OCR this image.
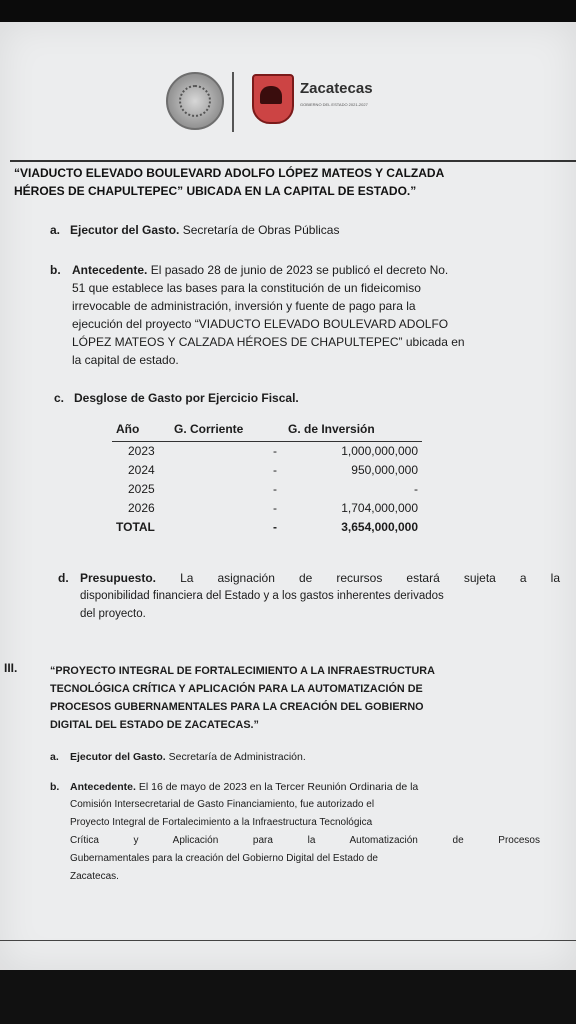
Zacatecas
GOBIERNO DEL ESTADO 2021-2027
“VIADUCTO ELEVADO BOULEVARD ADOLFO LÓPEZ MATEOS Y CALZADA
HÉROES DE CHAPULTEPEC” UBICADA EN LA CAPITAL DE ESTADO.”
a. Ejecutor del Gasto. Secretaría de Obras Públicas
b. Antecedente. El pasado 28 de junio de 2023 se publicó el decreto No.
51 que establece las bases para la constitución de un fideicomiso
irrevocable de administración, inversión y fuente de pago para la
ejecución del proyecto “VIADUCTO ELEVADO BOULEVARD ADOLFO
LÓPEZ MATEOS Y CALZADA HÉROES DE CHAPULTEPEC” ubicada en
la capital de estado.
c. Desglose de Gasto por Ejercicio Fiscal.
Año	G. Corriente	G. de Inversión
2023	-	1,000,000,000
2024	-	950,000,000
2025	-	-
2026	-	1,704,000,000
TOTAL	-	3,654,000,000
d. Presupuesto. La asignación de recursos estará sujeta a la
disponibilidad financiera del Estado y a los gastos inherentes derivados
del proyecto.
III.	“PROYECTO INTEGRAL DE FORTALECIMIENTO A LA INFRAESTRUCTURA
TECNOLÓGICA CRÍTICA Y APLICACIÓN PARA LA AUTOMATIZACIÓN DE
PROCESOS GUBERNAMENTALES PARA LA CREACIÓN DEL GOBIERNO
DIGITAL DEL ESTADO DE ZACATECAS.”
a. Ejecutor del Gasto. Secretaría de Administración.
b. Antecedente. El 16 de mayo de 2023 en la Tercer Reunión Ordinaria de la
Comisión Intersecretarial de Gasto Financiamiento, fue autorizado el
Proyecto Integral de Fortalecimiento a la Infraestructura Tecnológica
Crítica y Aplicación para la Automatización de Procesos
Gubernamentales para la creación del Gobierno Digital del Estado de
Zacatecas.
